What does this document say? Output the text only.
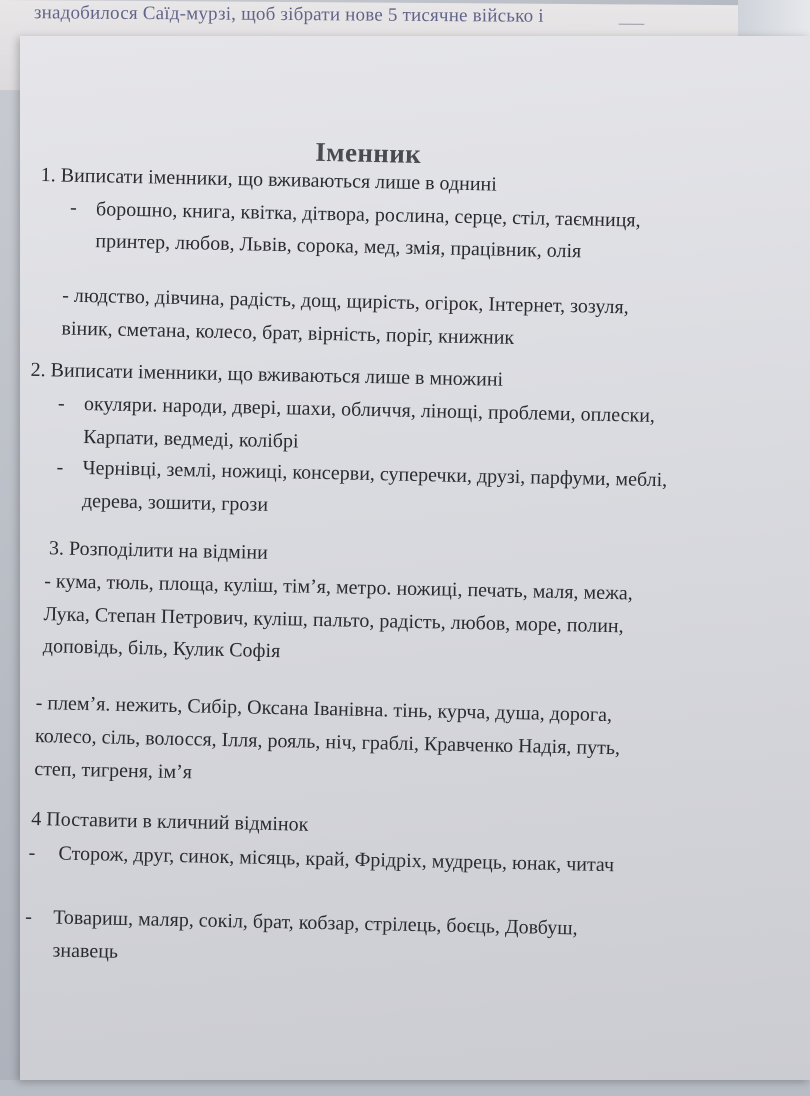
знадобилося Саїд-мурзі, щоб зібрати нове 5 тисячне військо і	⸺
Іменник
1. Виписати іменники, що вживаються лише в однині
- борошно, книга, квітка, дітвора, рослина, серце, стіл, таємниця,
принтер, любов, Львів, сорока, мед, змія, працівник, олія
- людство, дівчина, радість, дощ, щирість, огірок, Інтернет, зозуля,
віник, сметана, колесо, брат, вірність, поріг, книжник
2. Виписати іменники, що вживаються лише в множині
- окуляри. народи, двері, шахи, обличчя, лінощі, проблеми, оплески,
Карпати, ведмеді, колібрі
- Чернівці, землі, ножиці, консерви, суперечки, друзі, парфуми, меблі,
дерева, зошити, грози
3. Розподілити на відміни
- кума, тюль, площа, куліш, тім’я, метро. ножиці, печать, маля, межа,
Лука, Степан Петрович, куліш, пальто, радість, любов, море, полин,
доповідь, біль, Кулик Софія
- плем’я. нежить, Сибір, Оксана Іванівна. тінь, курча, душа, дорога,
колесо, сіль, волосся, Ілля, рояль, ніч, граблі, Кравченко Надія, путь,
степ, тигреня, ім’я
4 Поставити в кличний відмінок
- Сторож, друг, синок, місяць, край, Фрідріх, мудрець, юнак, читач
- Товариш, маляр, сокіл, брат, кобзар, стрілець, боєць, Довбуш,
знавець
